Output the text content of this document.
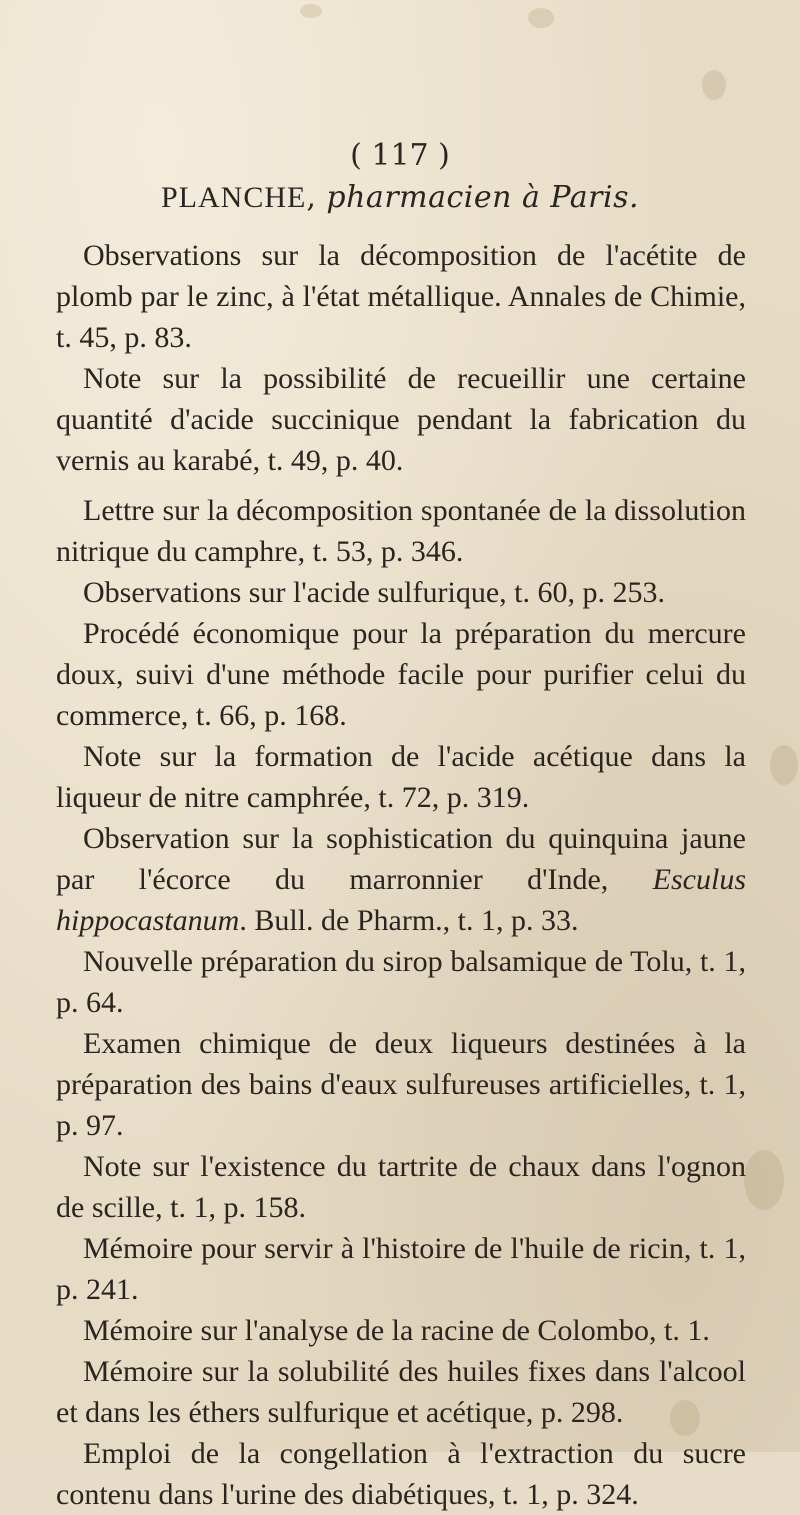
( 117 )
PLANCHE, pharmacien à Paris.

Observations sur la décomposition de l'acétite de plomb par le zinc, à l'état métallique. Annales de Chimie, t. 45, p. 83.

Note sur la possibilité de recueillir une certaine quantité d'acide succinique pendant la fabrication du vernis au karabé, t. 49, p. 40.

Lettre sur la décomposition spontanée de la dissolution nitrique du camphre, t. 53, p. 346.

Observations sur l'acide sulfurique, t. 60, p. 253.

Procédé économique pour la préparation du mercure doux, suivi d'une méthode facile pour purifier celui du commerce, t. 66, p. 168.

Note sur la formation de l'acide acétique dans la liqueur de nitre camphrée, t. 72, p. 319.

Observation sur la sophistication du quinquina jaune par l'écorce du marronnier d'Inde, Esculus hippocastanum. Bull. de Pharm., t. 1, p. 33.

Nouvelle préparation du sirop balsamique de Tolu, t. 1, p. 64.

Examen chimique de deux liqueurs destinées à la préparation des bains d'eaux sulfureuses artificielles, t. 1, p. 97.

Note sur l'existence du tartrite de chaux dans l'ognon de scille, t. 1, p. 158.

Mémoire pour servir à l'histoire de l'huile de ricin, t. 1, p. 241.

Mémoire sur l'analyse de la racine de Colombo, t. 1.

Mémoire sur la solubilité des huiles fixes dans l'alcool et dans les éthers sulfurique et acétique, p. 298.

Emploi de la congellation à l'extraction du sucre contenu dans l'urine des diabétiques, t. 1, p. 324.
